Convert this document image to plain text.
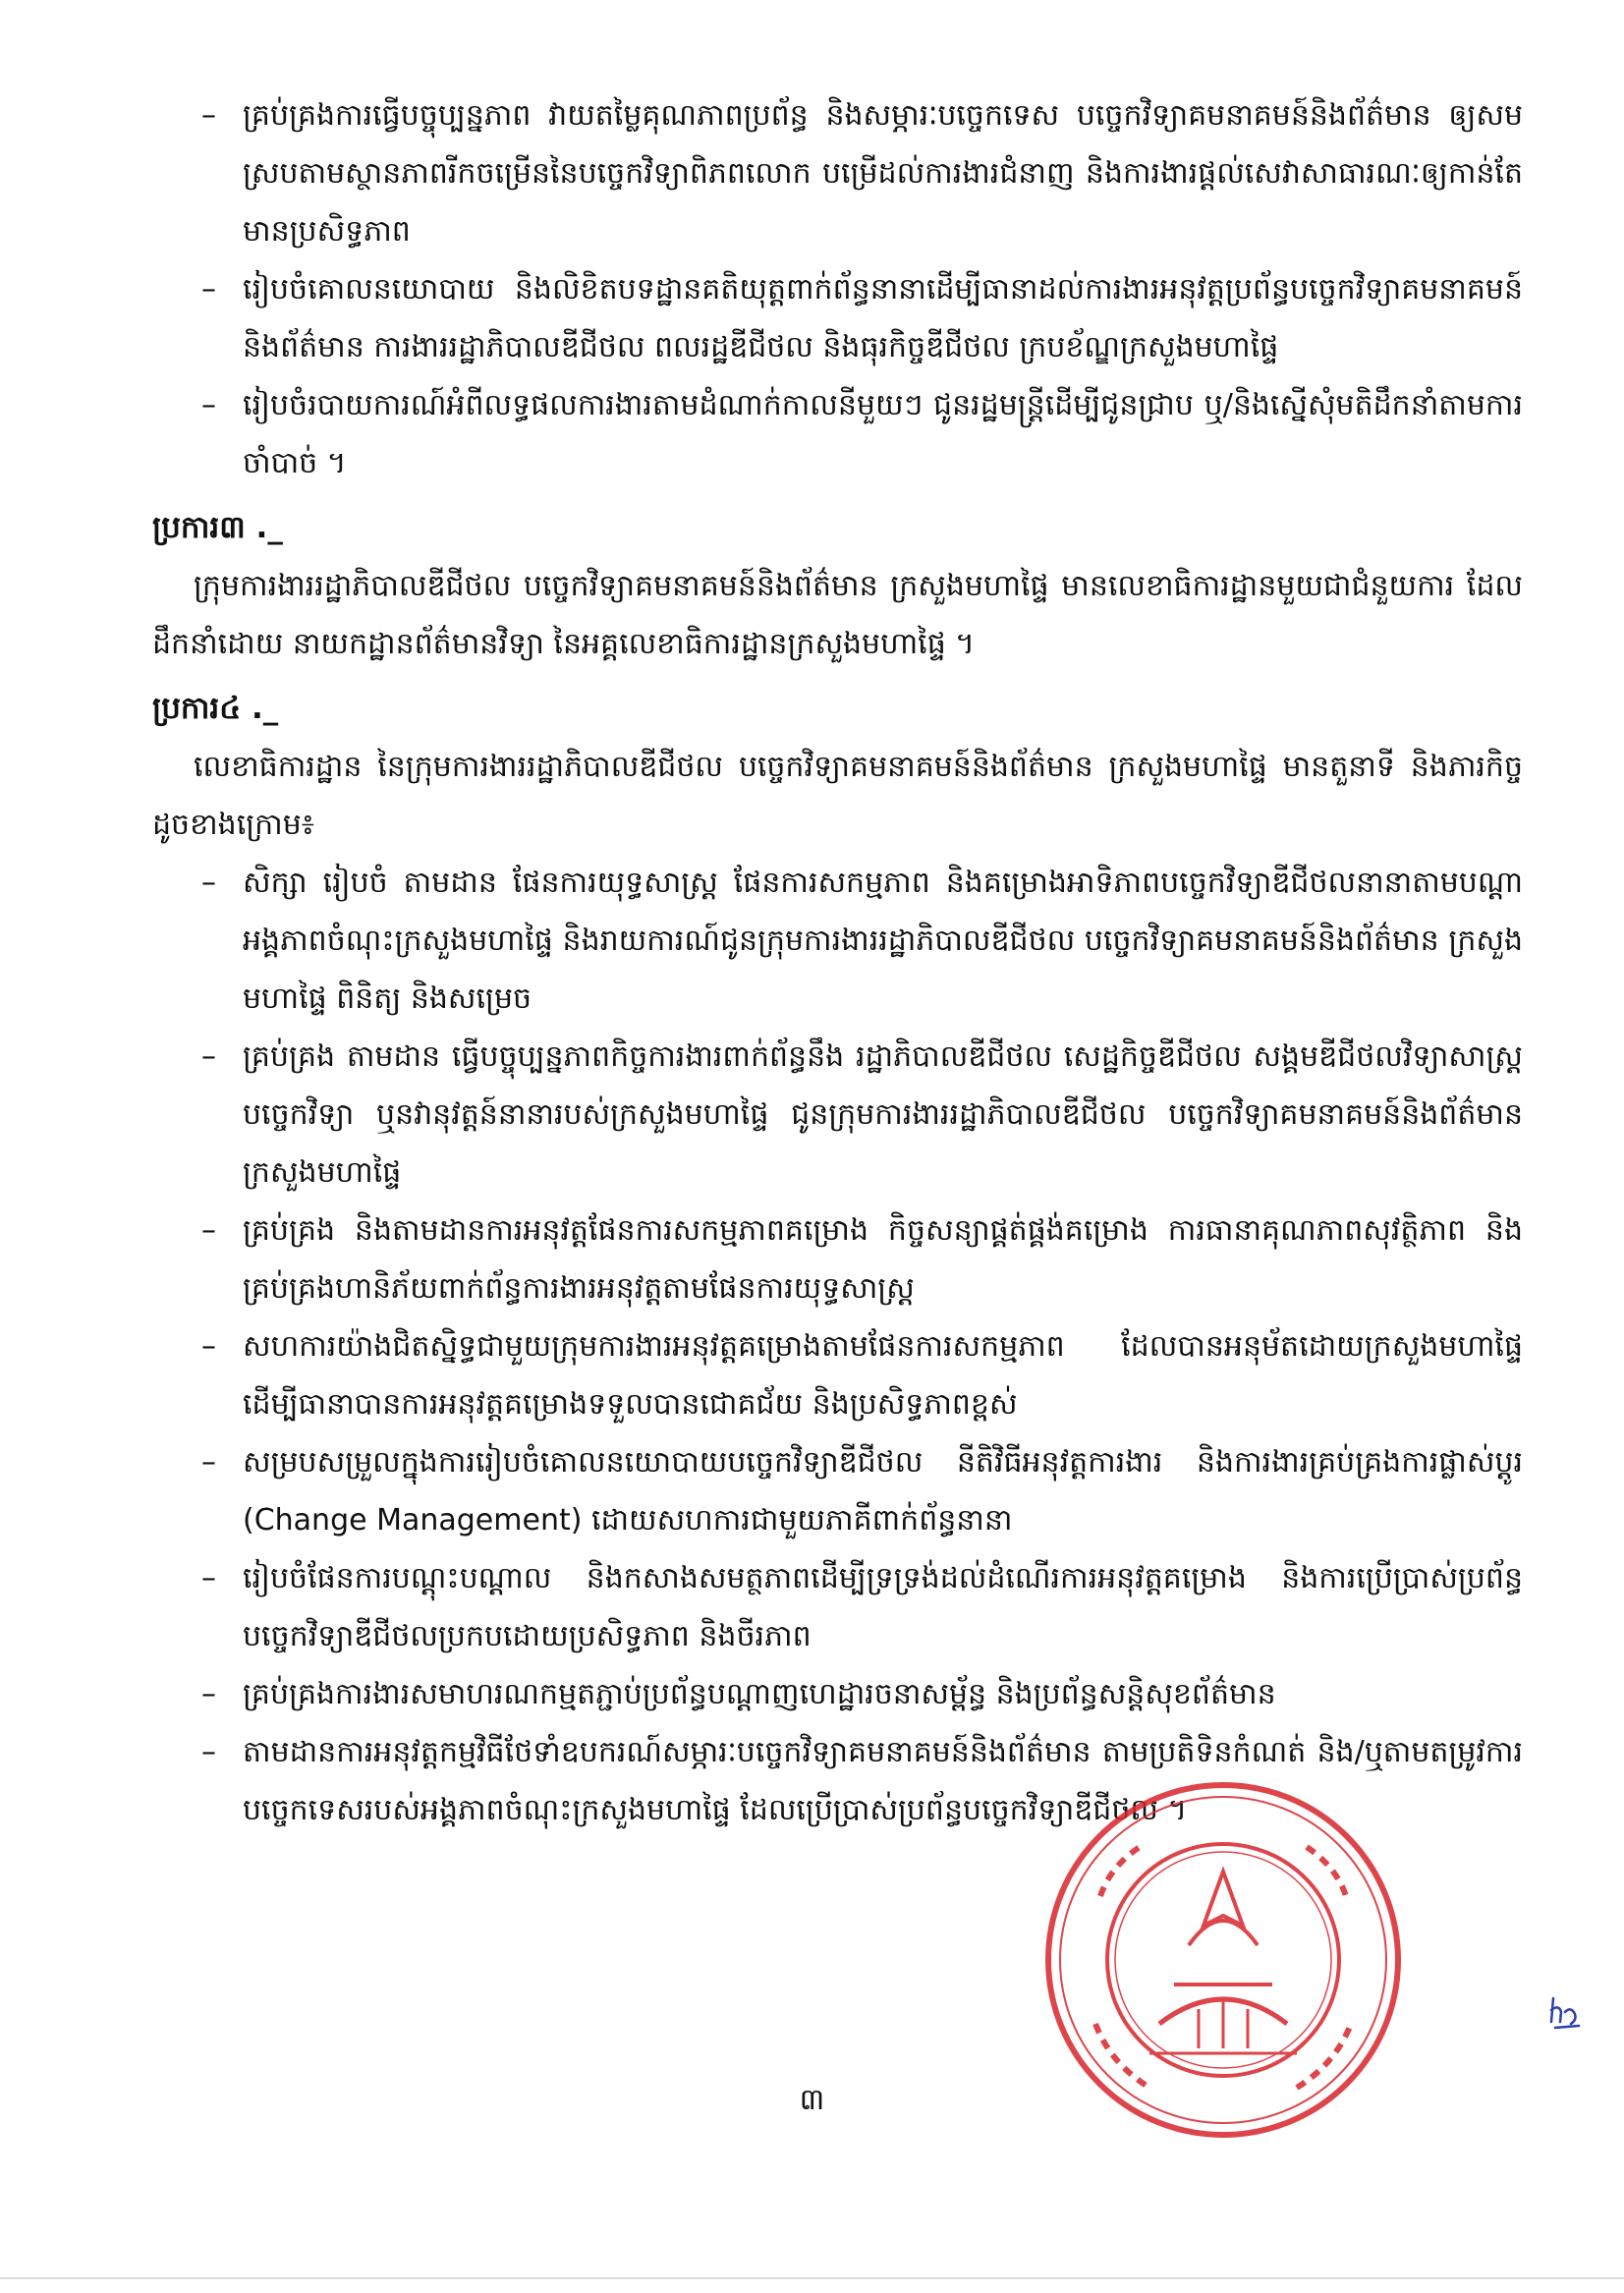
– គ្រប់គ្រងការធ្វើបច្ចុប្បន្នភាព វាយតម្លៃគុណភាពប្រព័ន្ធ និងសម្ភារៈបច្ចេកទេស បច្ចេកវិទ្យាគមនាគមន៍និងព័ត៌មាន ឲ្យសមស្របតាមស្ថានភាពរីកចម្រើននៃបច្ចេកវិទ្យាពិភពលោក បម្រើដល់ការងារជំនាញ និងការងារផ្តល់សេវាសាធារណៈឲ្យកាន់តែមានប្រសិទ្ធភាព
– រៀបចំគោលនយោបាយ និងលិខិតបទដ្ឋានគតិយុត្តពាក់ព័ន្ធនានាដើម្បីធានាដល់ការងារអនុវត្តប្រព័ន្ធបច្ចេកវិទ្យាគមនាគមន៍និងព័ត៌មាន ការងាររដ្ឋាភិបាលឌីជីថល ពលរដ្ឋឌីជីថល និងធុរកិច្ចឌីជីថល ក្របខ័ណ្ឌក្រសួងមហាផ្ទៃ
– រៀបចំរបាយការណ៍អំពីលទ្ធផលការងារតាមដំណាក់កាលនីមួយៗ ជូនរដ្ឋមន្ត្រីដើម្បីជូនជ្រាប ឬ/និងស្នើសុំមតិដឹកនាំតាមការចាំបាច់ ។
ប្រការ៣ ._
ក្រុមការងាររដ្ឋាភិបាលឌីជីថល បច្ចេកវិទ្យាគមនាគមន៍និងព័ត៌មាន ក្រសួងមហាផ្ទៃ មានលេខាធិការដ្ឋានមួយជាជំនួយការ ដែលដឹកនាំដោយ នាយកដ្ឋានព័ត៌មានវិទ្យា នៃអគ្គលេខាធិការដ្ឋានក្រសួងមហាផ្ទៃ ។
ប្រការ៤ ._
លេខាធិការដ្ឋាន នៃក្រុមការងាររដ្ឋាភិបាលឌីជីថល បច្ចេកវិទ្យាគមនាគមន៍និងព័ត៌មាន ក្រសួងមហាផ្ទៃ មានតួនាទី និងភារកិច្ចដូចខាងក្រោម៖
– សិក្សា រៀបចំ តាមដាន ផែនការយុទ្ធសាស្ត្រ ផែនការសកម្មភាព និងគម្រោងអាទិភាពបច្ចេកវិទ្យាឌីជីថលនានាតាមបណ្តាអង្គភាពចំណុះក្រសួងមហាផ្ទៃ និងរាយការណ៍ជូនក្រុមការងាររដ្ឋាភិបាលឌីជីថល បច្ចេកវិទ្យាគមនាគមន៍និងព័ត៌មាន ក្រសួងមហាផ្ទៃ ពិនិត្យ និងសម្រេច
– គ្រប់គ្រង តាមដាន ធ្វើបច្ចុប្បន្នភាពកិច្ចការងារពាក់ព័ន្ធនឹង រដ្ឋាភិបាលឌីជីថល សេដ្ឋកិច្ចឌីជីថល សង្គមឌីជីថលវិទ្យាសាស្ត្រ បច្ចេកវិទ្យា ឬនវានុវត្តន៍នានារបស់ក្រសួងមហាផ្ទៃ ជូនក្រុមការងាររដ្ឋាភិបាលឌីជីថល បច្ចេកវិទ្យាគមនាគមន៍និងព័ត៌មាន ក្រសួងមហាផ្ទៃ
– គ្រប់គ្រង និងតាមដានការអនុវត្តផែនការសកម្មភាពគម្រោង កិច្ចសន្យាផ្គត់ផ្គង់គម្រោង ការធានាគុណភាពសុវត្ថិភាព និងគ្រប់គ្រងហានិភ័យពាក់ព័ន្ធការងារអនុវត្តតាមផែនការយុទ្ធសាស្ត្រ
– សហការយ៉ាងជិតស្និទ្ធជាមួយក្រុមការងារអនុវត្តគម្រោងតាមផែនការសកម្មភាព ដែលបានអនុម័តដោយក្រសួងមហាផ្ទៃ ដើម្បីធានាបានការអនុវត្តគម្រោងទទួលបានជោគជ័យ និងប្រសិទ្ធភាពខ្ពស់
– សម្របសម្រួលក្នុងការរៀបចំគោលនយោបាយបច្ចេកវិទ្យាឌីជីថល នីតិវិធីអនុវត្តការងារ និងការងារគ្រប់គ្រងការផ្លាស់ប្តូរ (Change Management) ដោយសហការជាមួយភាគីពាក់ព័ន្ធនានា
– រៀបចំផែនការបណ្តុះបណ្តាល និងកសាងសមត្ថភាពដើម្បីទ្រទ្រង់ដល់ដំណើរការអនុវត្តគម្រោង និងការប្រើប្រាស់ប្រព័ន្ធបច្ចេកវិទ្យាឌីជីថលប្រកបដោយប្រសិទ្ធភាព និងចីរភាព
– គ្រប់គ្រងការងារសមាហរណកម្មតភ្ជាប់ប្រព័ន្ធបណ្តាញហេដ្ឋារចនាសម្ព័ន្ធ និងប្រព័ន្ធសន្តិសុខព័ត៌មាន
– តាមដានការអនុវត្តកម្មវិធីថែទាំឧបករណ៍សម្ភារៈបច្ចេកវិទ្យាគមនាគមន៍និងព័ត៌មាន តាមប្រតិទិនកំណត់ និង/ឬតាមតម្រូវការបច្ចេកទេសរបស់អង្គភាពចំណុះក្រសួងមហាផ្ទៃ ដែលប្រើប្រាស់ប្រព័ន្ធបច្ចេកវិទ្យាឌីជីថល ។
៣
